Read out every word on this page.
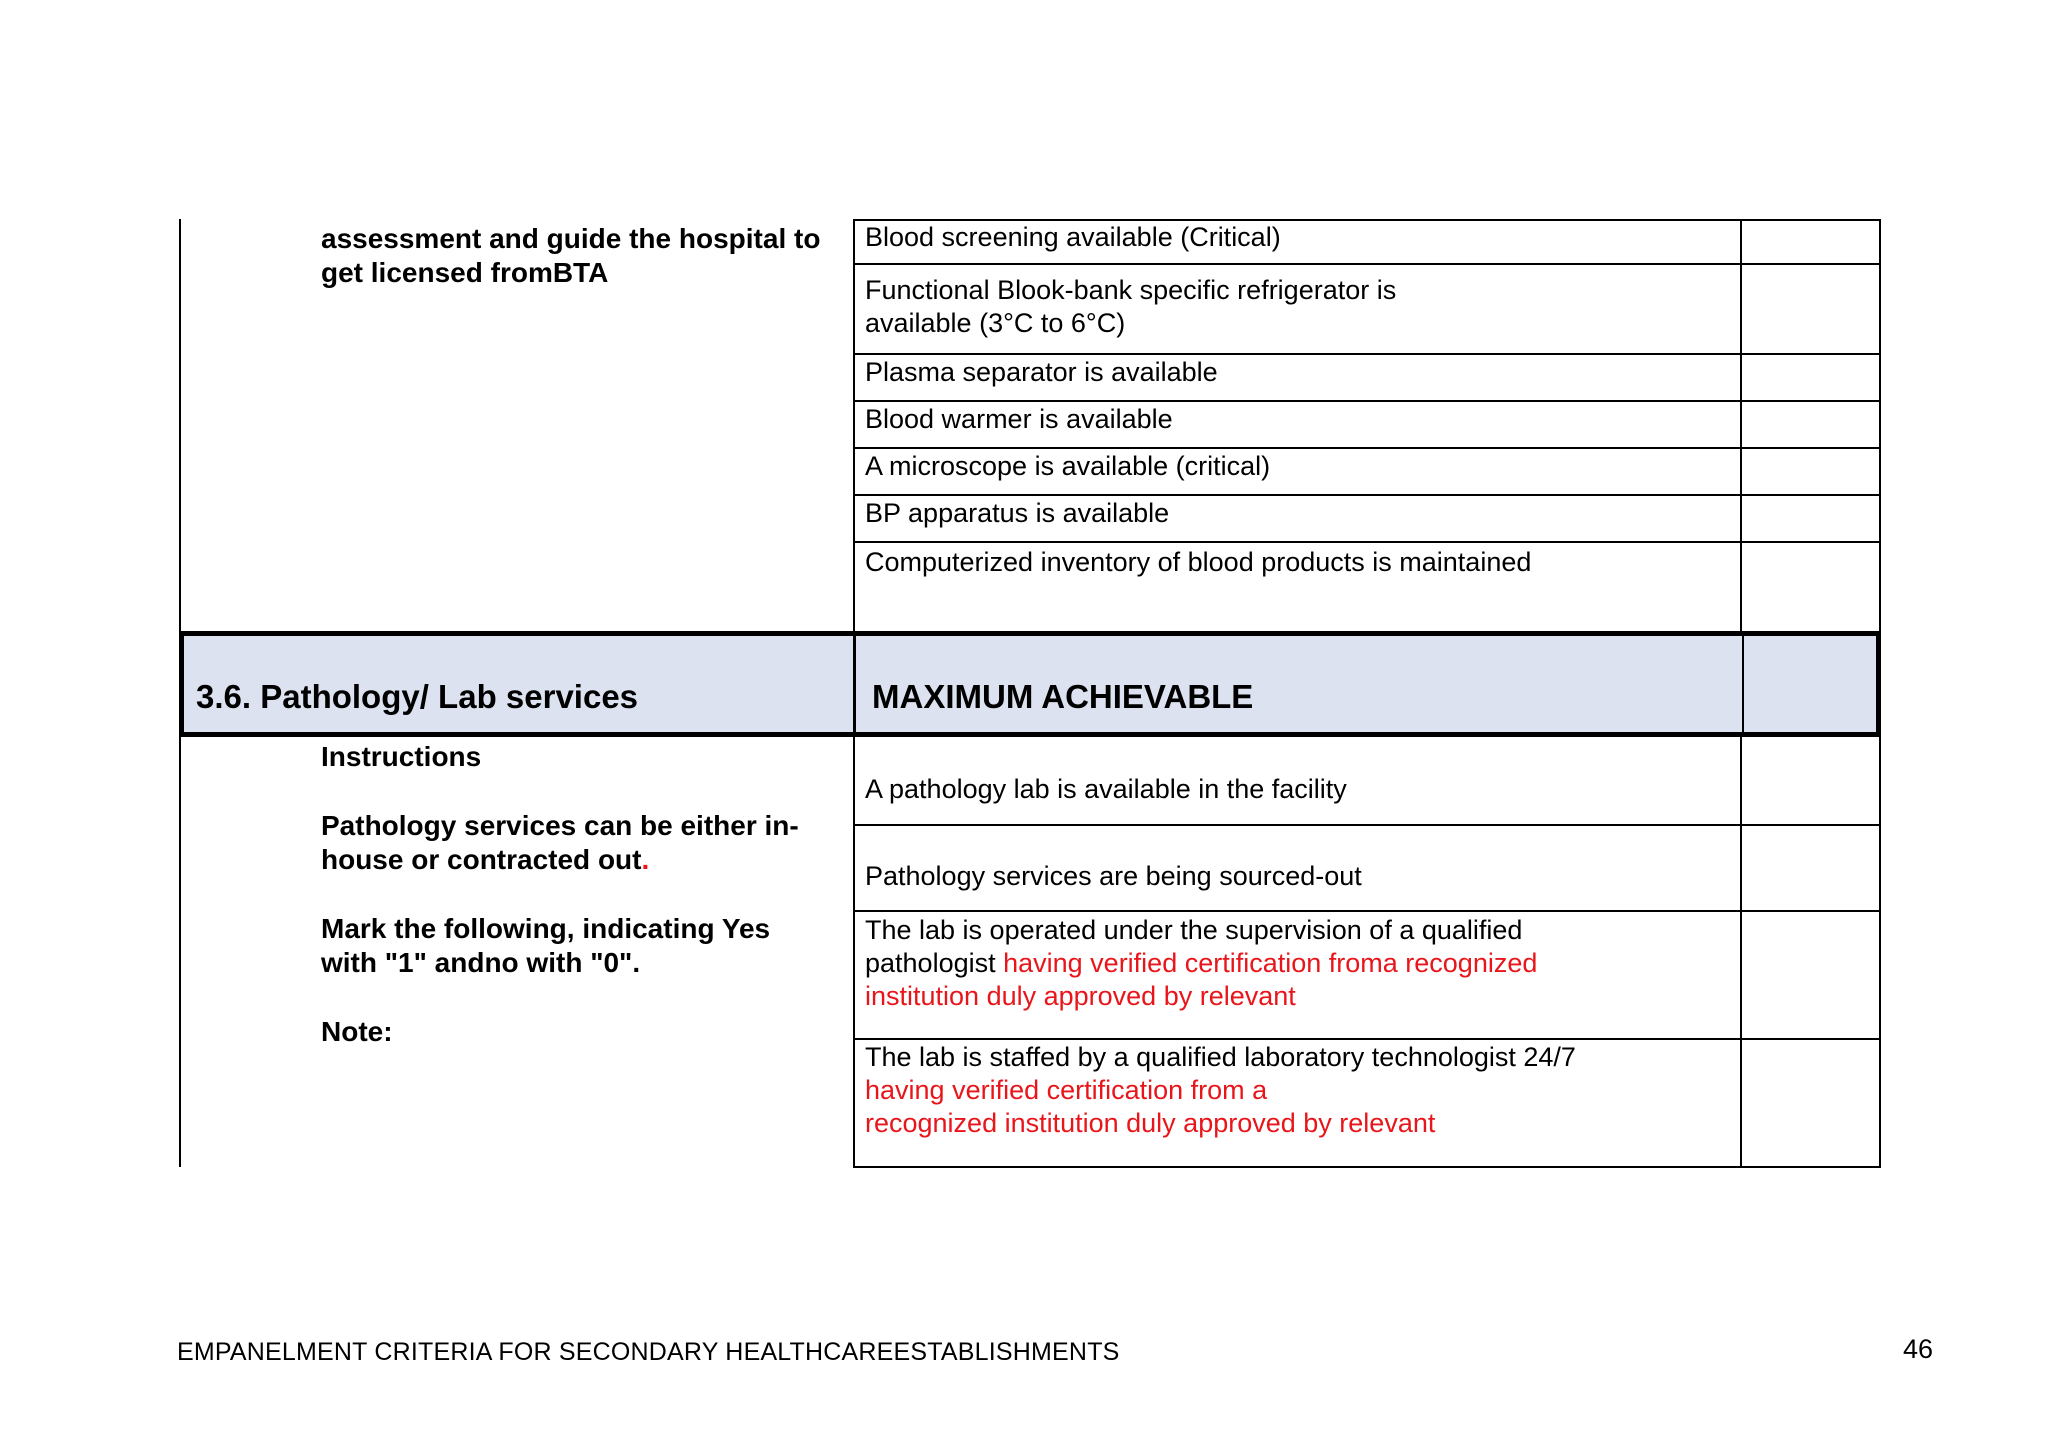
assessment and guide the hospital to
get licensed fromBTA
Blood screening available (Critical)
Functional Blook-bank specific refrigerator is
available (3°C to 6°C)
Plasma separator is available
Blood warmer is available
A microscope is available (critical)
BP apparatus is available
Computerized inventory of blood products is maintained
3.6. Pathology/ Lab services	MAXIMUM ACHIEVABLE

Instructions

Pathology services can be either in-
house or contracted out.

Mark the following, indicating Yes
with "1" andno with "0".

Note:

A pathology lab is available in the facility
Pathology services are being sourced-out
The lab is operated under the supervision of a qualified
pathologist having verified certification froma recognized
institution duly approved by relevant
The lab is staffed by a qualified laboratory technologist 24/7
having verified certification from a
recognized institution duly approved by relevant
EMPANELMENT CRITERIA FOR SECONDARY HEALTHCAREESTABLISHMENTS	46
